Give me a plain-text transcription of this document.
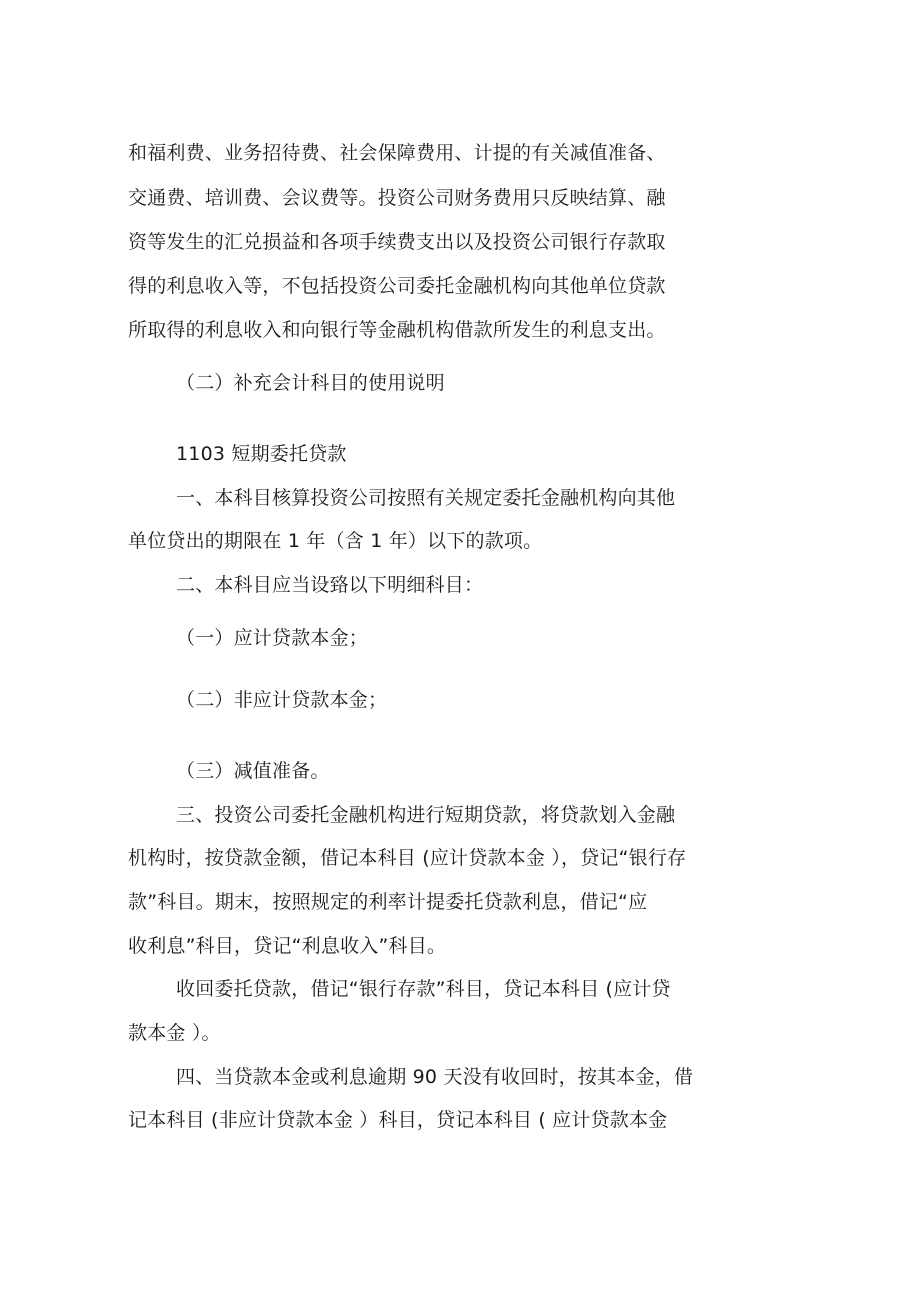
和福利费、业务招待费、社会保障费用、计提的有关减值准备、
交通费、培训费、会议费等。投资公司财务费用只反映结算、融
资等发生的汇兑损益和各项手续费支出以及投资公司银行存款取
得的利息收入等，不包括投资公司委托金融机构向其他单位贷款
所取得的利息收入和向银行等金融机构借款所发生的利息支出。
（二）补充会计科目的使用说明
1103 短期委托贷款
一、本科目核算投资公司按照有关规定委托金融机构向其他
单位贷出的期限在 1 年（含 1 年）以下的款项。
二、本科目应当设臵以下明细科目：
（一）应计贷款本金；
（二）非应计贷款本金；
（三）减值准备。
三、投资公司委托金融机构进行短期贷款，将贷款划入金融
机构时，按贷款金额，借记本科目 (应计贷款本金 ），贷记“银行存
款”科目。期末，按照规定的利率计提委托贷款利息，借记“应
收利息”科目，贷记“利息收入”科目。
收回委托贷款，借记“银行存款”科目，贷记本科目 (应计贷
款本金 ）。
四、当贷款本金或利息逾期 90 天没有收回时，按其本金，借
记本科目 (非应计贷款本金 ）科目，贷记本科目 ( 应计贷款本金
